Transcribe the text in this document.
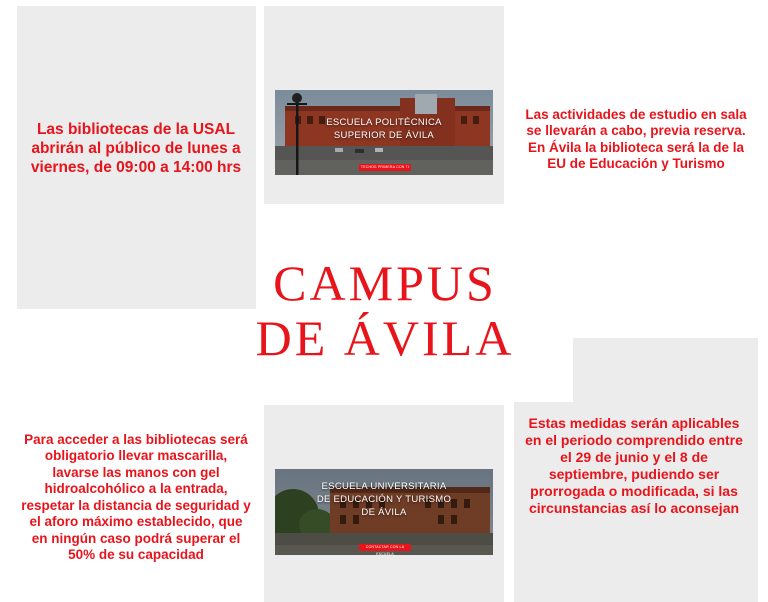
Las bibliotecas de la USAL abrirán al público de lunes a viernes, de 09:00 a 14:00 hrs
Las actividades de estudio en sala se llevarán a cabo, previa reserva.
En Ávila la biblioteca será la de la EU de Educación y Turismo
CAMPUS
DE ÁVILA
Para acceder a las bibliotecas será obligatorio llevar mascarilla, lavarse las manos con gel hidroalcohólico a la entrada, respetar la distancia de seguridad y el aforo máximo establecido, que en ningún caso podrá superar el 50% de su capacidad
Estas medidas serán aplicables en el periodo comprendido entre el 29 de junio y el 8 de septiembre, pudiendo ser prorrogada o modificada, si las circunstancias así lo aconsejan
ESCUELA POLITÉCNICA
SUPERIOR DE ÁVILA
TECHOS PRIMERA CON TI
ESCUELA UNIVERSITARIA
DE EDUCACIÓN Y TURISMO
DE ÁVILA
CONTACTAR CON LA ESCUELA
